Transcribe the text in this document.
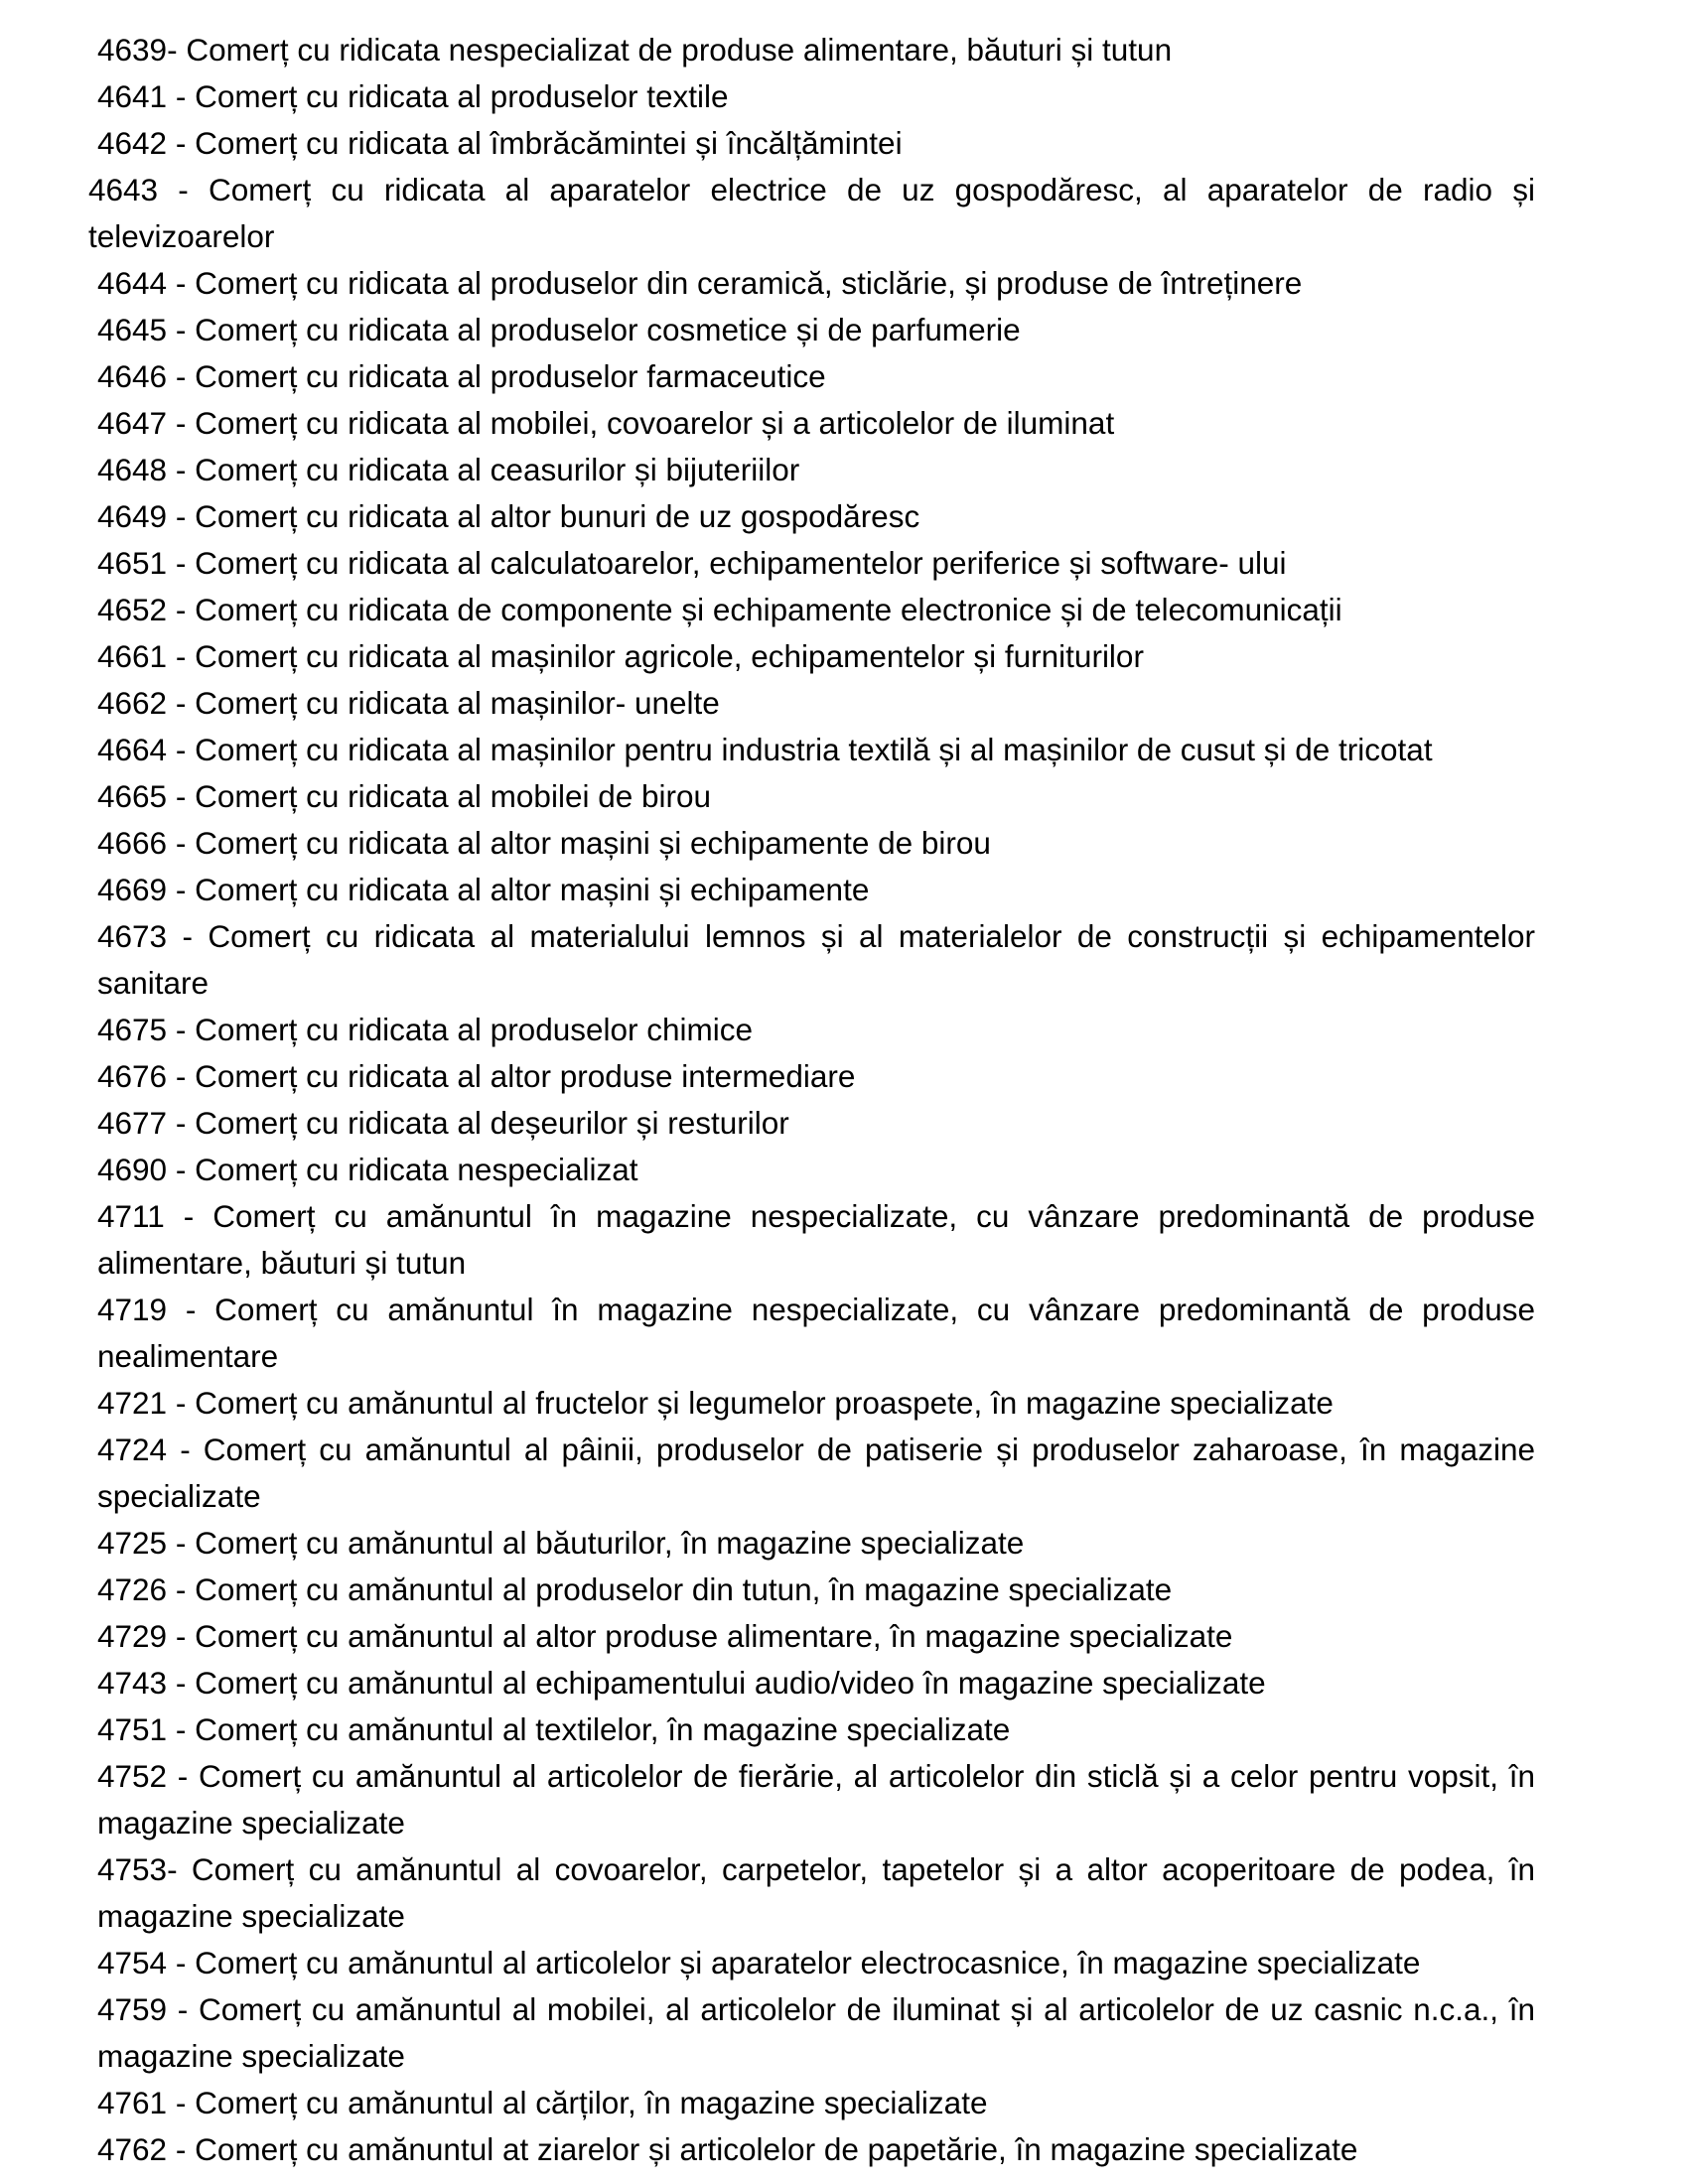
4639- Comerț cu ridicata nespecializat de produse alimentare, băuturi și tutun
4641 - Comerț cu ridicata al produselor textile
4642 - Comerț cu ridicata al îmbrăcămintei și încălțămintei
4643 - Comerț cu ridicata al aparatelor electrice de uz gospodăresc, al aparatelor de radio și televizoarelor
4644 - Comerț cu ridicata al produselor din ceramică, sticlărie, și produse de întreținere
4645 - Comerț cu ridicata al produselor cosmetice și de parfumerie
4646 - Comerț cu ridicata al produselor farmaceutice
4647 - Comerț cu ridicata al mobilei, covoarelor și a articolelor de iluminat
4648 - Comerț cu ridicata al ceasurilor și bijuteriilor
4649 - Comerț cu ridicata al altor bunuri de uz gospodăresc
4651 - Comerț cu ridicata al calculatoarelor, echipamentelor periferice și software- ului
4652 - Comerț cu ridicata de componente și echipamente electronice și de telecomunicații
4661 - Comerț cu ridicata al mașinilor agricole, echipamentelor și furniturilor
4662 - Comerț cu ridicata al mașinilor- unelte
4664 - Comerț cu ridicata al mașinilor pentru industria textilă și al mașinilor de cusut și de tricotat
4665 - Comerț cu ridicata al mobilei de birou
4666 - Comerț cu ridicata al altor mașini și echipamente de birou
4669 - Comerț cu ridicata al altor mașini și echipamente
4673 - Comerț cu ridicata al materialului lemnos și al materialelor de construcții și echipamentelor sanitare
4675 - Comerț cu ridicata al produselor chimice
4676 - Comerț cu ridicata al altor produse intermediare
4677 - Comerț cu ridicata al deșeurilor și resturilor
4690 - Comerț cu ridicata nespecializat
4711 - Comerț cu amănuntul în magazine nespecializate, cu vânzare predominantă de produse alimentare, băuturi și tutun
4719 - Comerț cu amănuntul în magazine nespecializate, cu vânzare predominantă de produse nealimentare
4721 - Comerț cu amănuntul al fructelor și legumelor proaspete, în magazine specializate
4724 - Comerț cu amănuntul al pâinii, produselor de patiserie și produselor zaharoase, în magazine specializate
4725 - Comerț cu amănuntul al băuturilor, în magazine specializate
4726 - Comerț cu amănuntul al produselor din tutun, în magazine specializate
4729 - Comerț cu amănuntul al altor produse alimentare, în magazine specializate
4743 - Comerț cu amănuntul al echipamentului audio/video în magazine specializate
4751 - Comerț cu amănuntul al textilelor, în magazine specializate
4752 - Comerț cu amănuntul al articolelor de fierărie, al articolelor din sticlă și a celor pentru vopsit, în magazine specializate
4753- Comerț cu amănuntul al covoarelor, carpetelor, tapetelor și a altor acoperitoare de podea, în magazine specializate
4754 - Comerț cu amănuntul al articolelor și aparatelor electrocasnice, în magazine specializate
4759 - Comerț cu amănuntul al mobilei, al articolelor de iluminat și al articolelor de uz casnic n.c.a., în magazine specializate
4761 - Comerț cu amănuntul al cărților, în magazine specializate
4762 - Comerț cu amănuntul at ziarelor și articolelor de papetărie, în magazine specializate
